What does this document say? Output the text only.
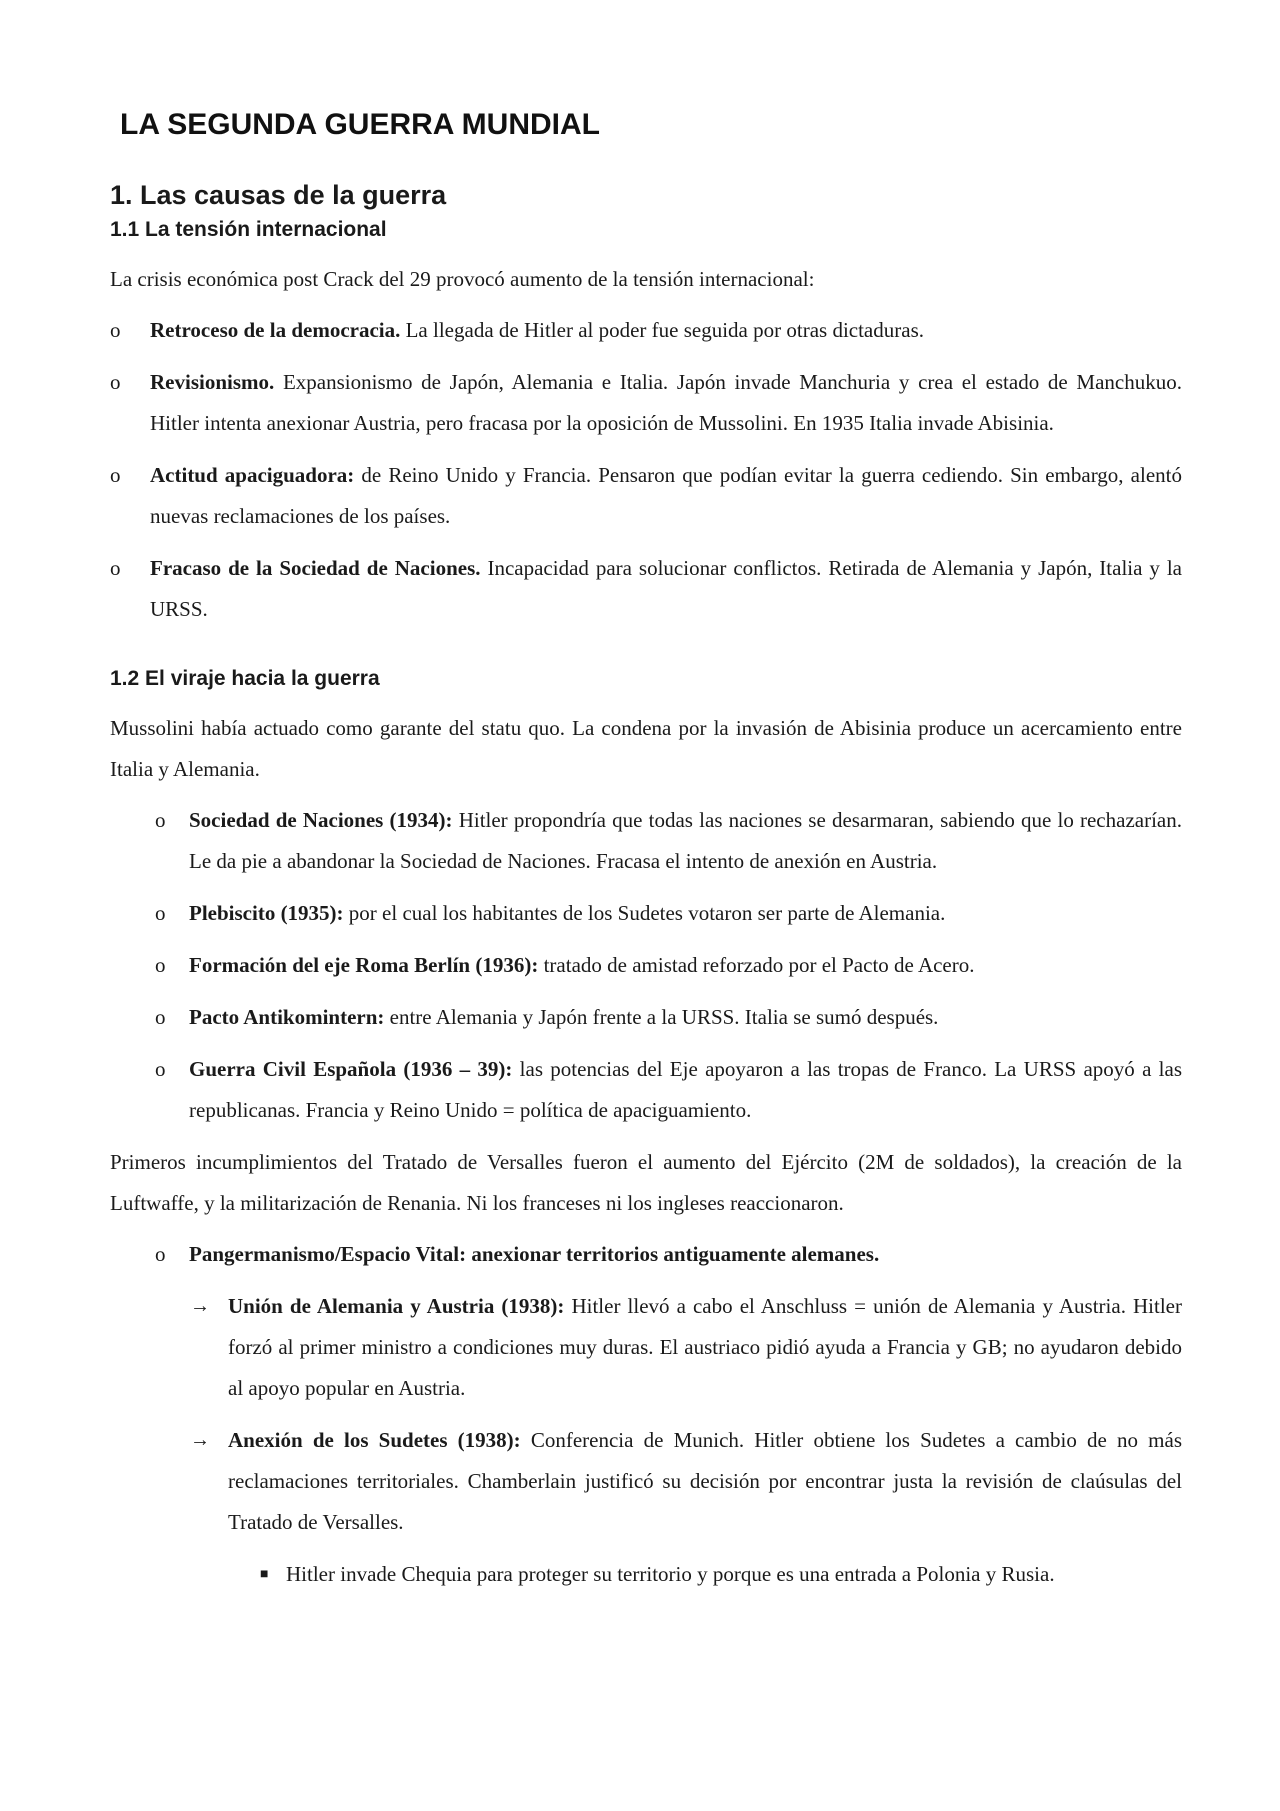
LA SEGUNDA GUERRA MUNDIAL
1. Las causas de la guerra
1.1 La tensión internacional

La crisis económica post Crack del 29 provocó aumento de la tensión internacional:

o Retroceso de la democracia. La llegada de Hitler al poder fue seguida por otras dictaduras.
o Revisionismo. Expansionismo de Japón, Alemania e Italia. Japón invade Manchuria y crea el estado de Manchukuo. Hitler intenta anexionar Austria, pero fracasa por la oposición de Mussolini. En 1935 Italia invade Abisinia.
o Actitud apaciguadora: de Reino Unido y Francia. Pensaron que podían evitar la guerra cediendo. Sin embargo, alentó nuevas reclamaciones de los países.
o Fracaso de la Sociedad de Naciones. Incapacidad para solucionar conflictos. Retirada de Alemania y Japón, Italia y la URSS.
1.2 El viraje hacia la guerra

Mussolini había actuado como garante del statu quo. La condena por la invasión de Abisinia produce un acercamiento entre Italia y Alemania.

o Sociedad de Naciones (1934): Hitler propondría que todas las naciones se desarmaran, sabiendo que lo rechazarían. Le da pie a abandonar la Sociedad de Naciones. Fracasa el intento de anexión en Austria.
o Plebiscito (1935): por el cual los habitantes de los Sudetes votaron ser parte de Alemania.
o Formación del eje Roma Berlín (1936): tratado de amistad reforzado por el Pacto de Acero.
o Pacto Antikomintern: entre Alemania y Japón frente a la URSS. Italia se sumó después.
o Guerra Civil Española (1936 – 39): las potencias del Eje apoyaron a las tropas de Franco. La URSS apoyó a las republicanas. Francia y Reino Unido = política de apaciguamiento.

Primeros incumplimientos del Tratado de Versalles fueron el aumento del Ejército (2M de soldados), la creación de la Luftwaffe, y la militarización de Renania. Ni los franceses ni los ingleses reaccionaron.

o Pangermanismo/Espacio Vital: anexionar territorios antiguamente alemanes.
→ Unión de Alemania y Austria (1938): Hitler llevó a cabo el Anschluss = unión de Alemania y Austria. Hitler forzó al primer ministro a condiciones muy duras. El austriaco pidió ayuda a Francia y GB; no ayudaron debido al apoyo popular en Austria.
→ Anexión de los Sudetes (1938): Conferencia de Munich. Hitler obtiene los Sudetes a cambio de no más reclamaciones territoriales. Chamberlain justificó su decisión por encontrar justa la revisión de claúsulas del Tratado de Versalles.
■ Hitler invade Chequia para proteger su territorio y porque es una entrada a Polonia y Rusia.
